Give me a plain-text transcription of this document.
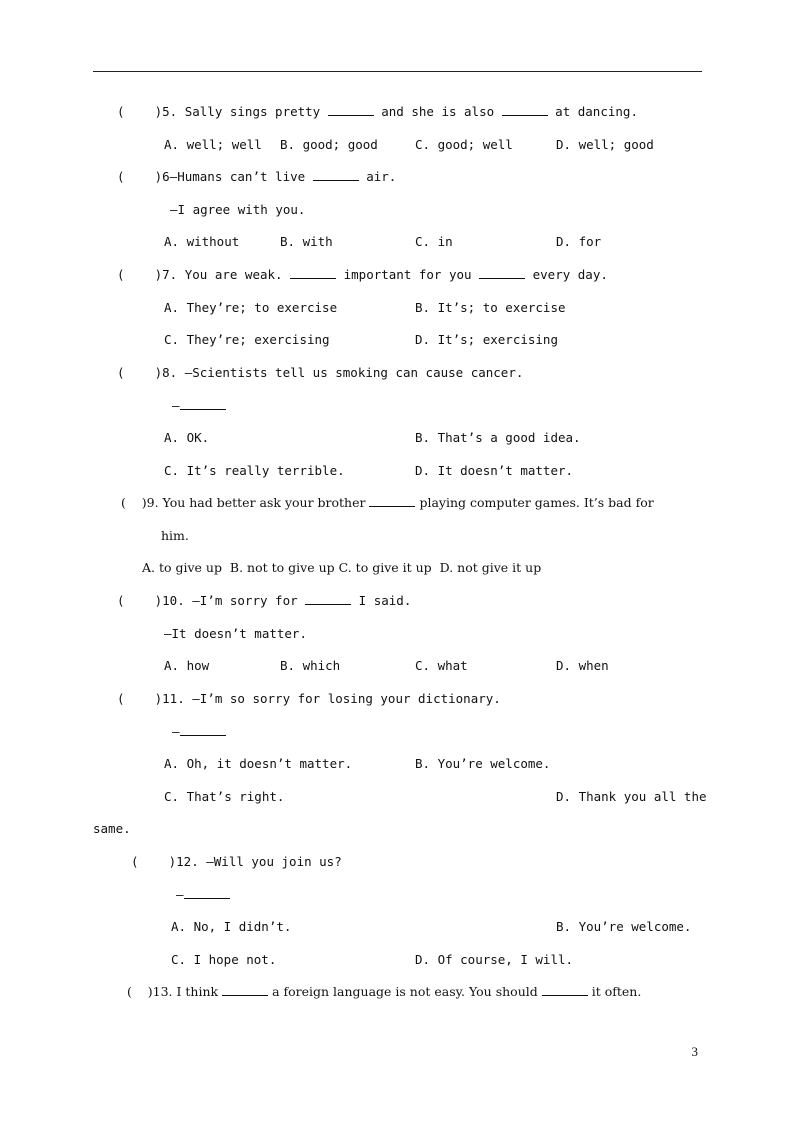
(    )5. Sally sings pretty	and she is also	at dancing.
A. well; well B. good; good	C. good; well	D. well; good
(    )6—Humans can’t live	air.
—I agree with you.
A. without	B. with	C. in	D. for
(    )7. You are weak.	important for you	every day.
A. They’re; to exercise	B. It’s; to exercise
C. They’re; exercising	D. It’s; exercising
(    )8. —Scientists tell us smoking can cause cancer.
—
A. OK.	B. That’s a good idea.
C. It’s really terrible.	D. It doesn’t matter.
(    )9. You had better ask your brother	playing computer games. It’s bad for
him.
A. to give up  B. not to give up C. to give it up  D. not give it up
(    )10. —I’m sorry for	I said.
—It doesn’t matter.
A. how	B. which	C. what	D. when
(    )11. —I’m so sorry for losing your dictionary.
—
A. Oh, it doesn’t matter.	B. You’re welcome.
C. That’s right.	D. Thank you all the
same.
(    )12. —Will you join us?
—
A. No, I didn’t.	B. You’re welcome.
C. I hope not.	D. Of course, I will.
(    )13. I think	a foreign language is not easy. You should	it often.
3
